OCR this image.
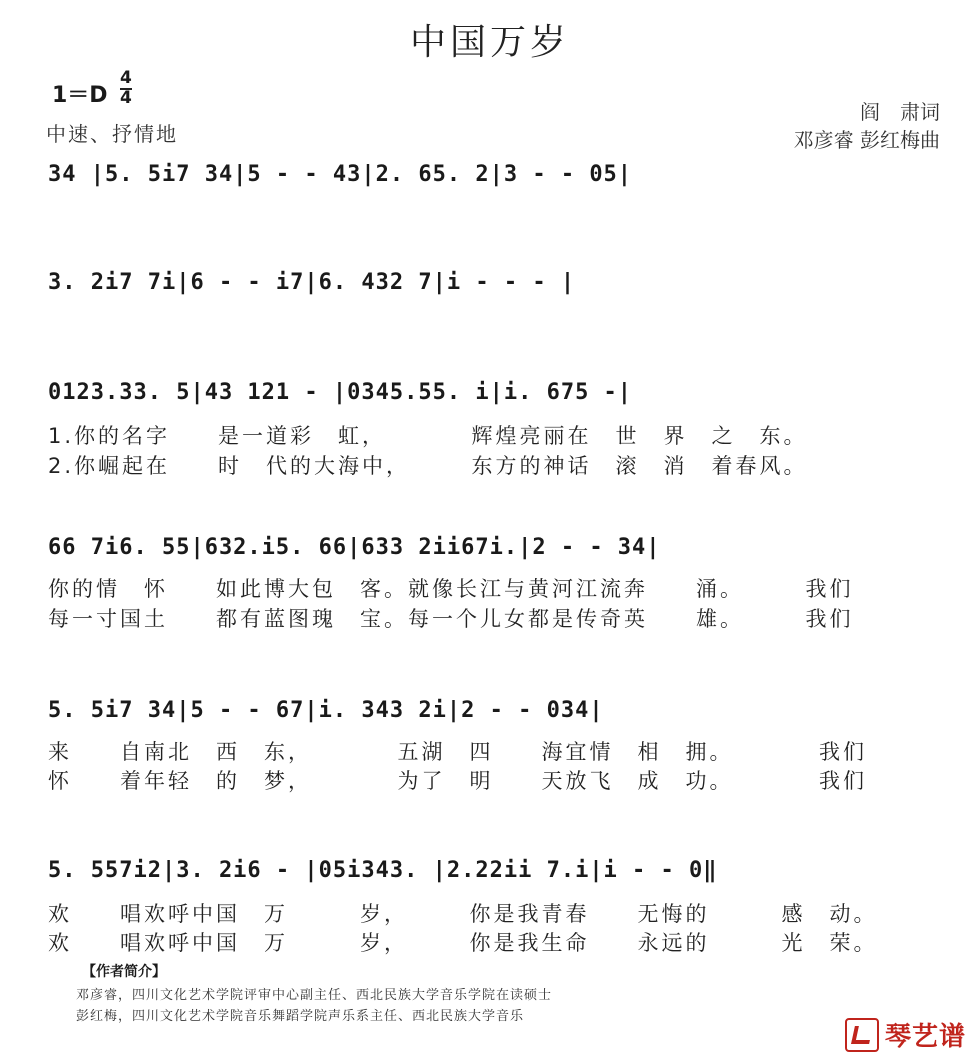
中国万岁
$1=D \frac{4}{4}$
中速、抒情地
阎　肃词
邓彦睿 彭红梅曲
34 |5. 5i7 34|5 - - 43|2. 65. 2|3 - - 05|
3. 2i7 7i|6 - - i7|6. 432 7|i - - - |
0123.33. 5|43 121 - |0345.55. i|i. 675 -|
1.你的名字　　是一道彩　虹，　　　　辉煌亮丽在　世　界　之　东。
2.你崛起在　　时　代的大海中，　　　东方的神话　滚　消　着春风。
66 7i6. 55|632.i5. 66|633 2ii67i.|2 - - 34|
你的情　怀　　如此博大包　客。就像长江与黄河江流奔　　涌。　　　我们
每一寸国土　　都有蓝图瑰　宝。每一个儿女都是传奇英　　雄。　　　我们
5. 5i7 34|5 - - 67|i. 343 2i|2 - - 034|
来　　自南北　西　东，　　　　五湖　四　　海宜情　相　拥。　　　　我们
怀　　着年轻　的　梦，　　　　为了　明　　天放飞　成　功。　　　　我们
5. 557i2|3. 2i6 - |05i343. |2.22ii 7.i|i - - 0‖
欢　　唱欢呼中国　万　　　岁，　　　你是我青春　　无悔的　　　感　动。
欢　　唱欢呼中国　万　　　岁，　　　你是我生命　　永远的　　　光　荣。
【作者简介】
邓彦睿，四川文化艺术学院评审中心副主任、西北民族大学音乐学院在读硕士
彭红梅，四川文化艺术学院音乐舞蹈学院声乐系主任、西北民族大学音乐
琴艺谱
